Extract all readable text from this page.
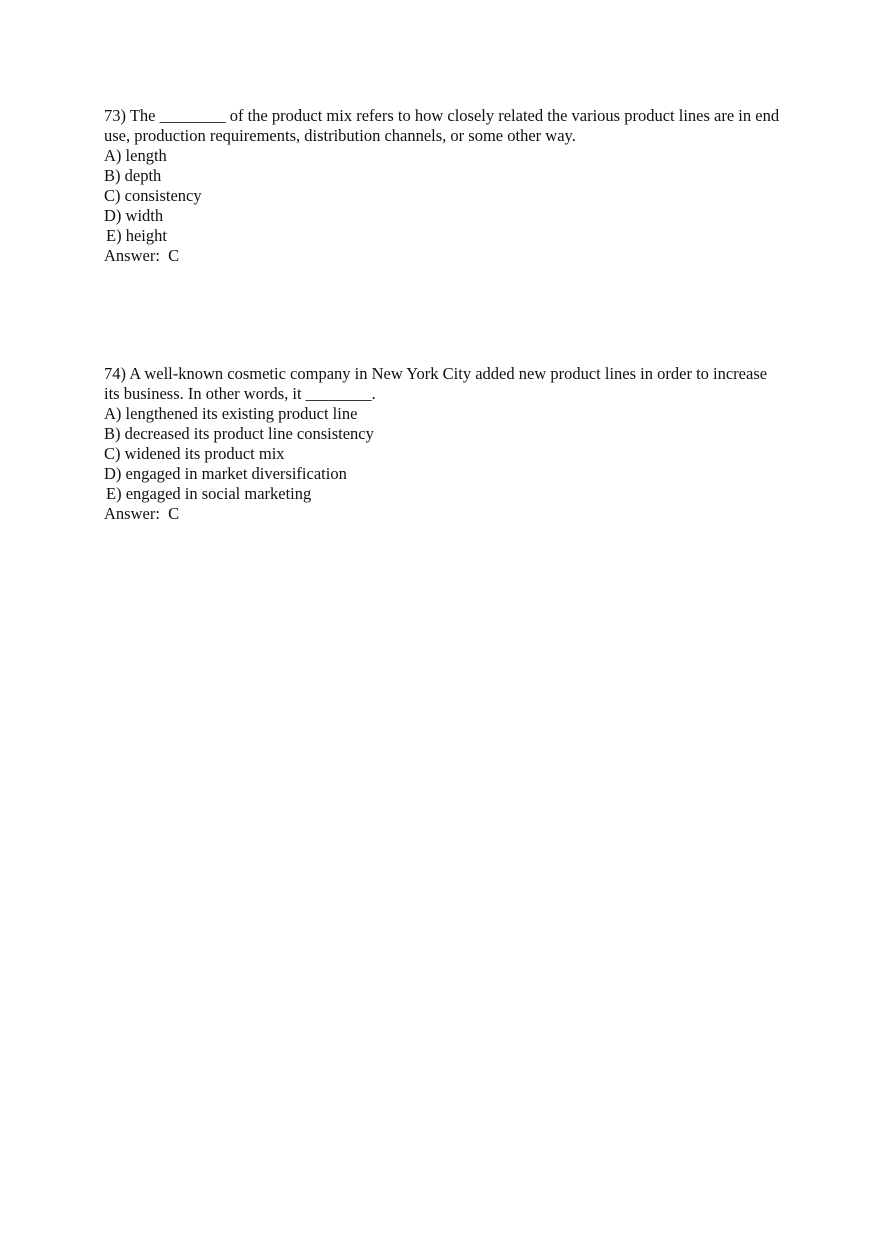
73) The ________ of the product mix refers to how closely related the various product lines are in end use, production requirements, distribution channels, or some other way.

A) length
B) depth
C) consistency
D) width
E) height

Answer:  C

74) A well-known cosmetic company in New York City added new product lines in order to increase its business. In other words, it ________.

A) lengthened its existing product line
B) decreased its product line consistency
C) widened its product mix
D) engaged in market diversification
E) engaged in social marketing

Answer:  C
